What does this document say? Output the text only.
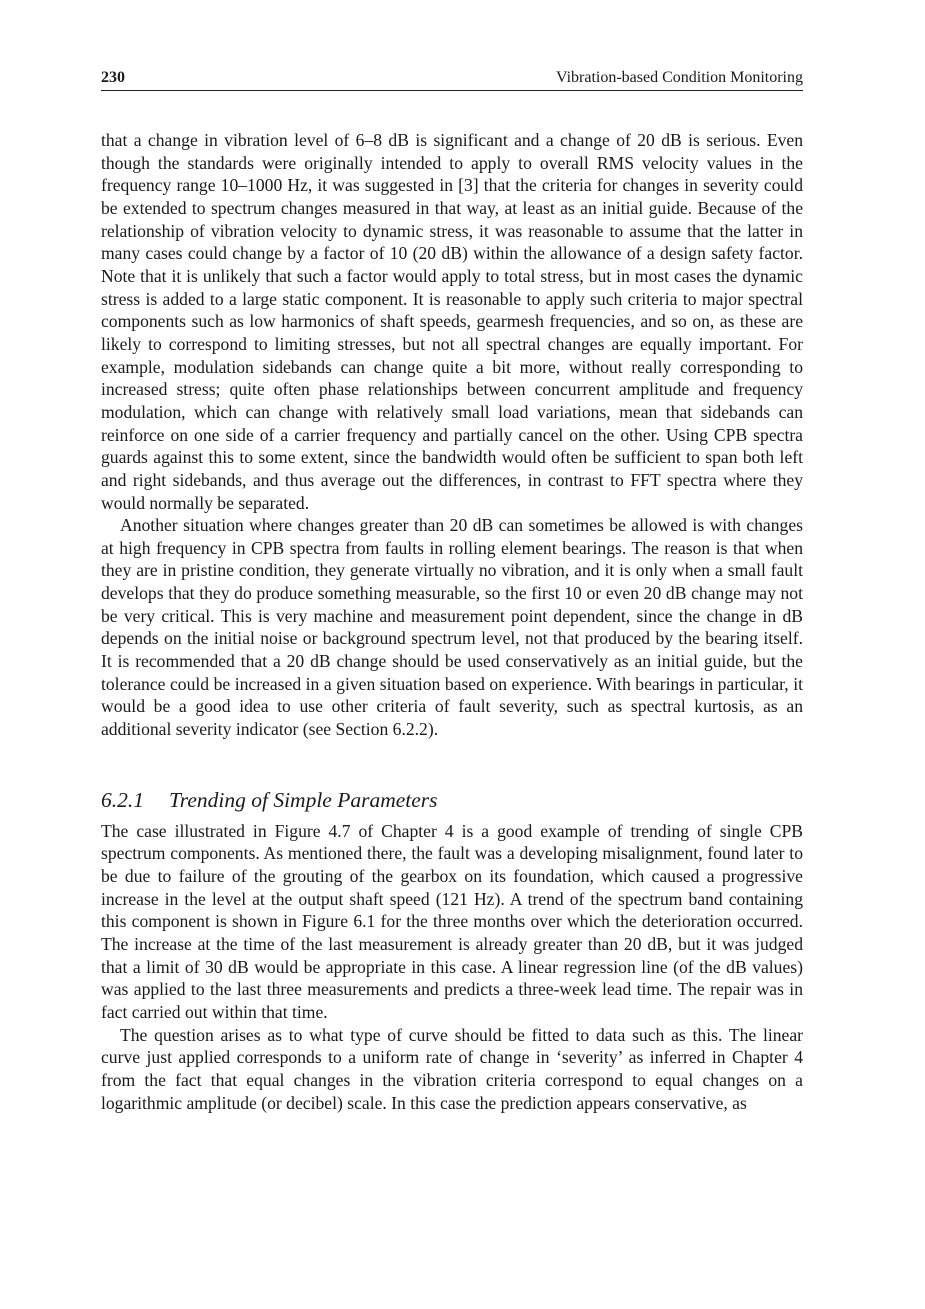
230	Vibration-based Condition Monitoring

that a change in vibration level of 6–8 dB is significant and a change of 20 dB is serious. Even though the standards were originally intended to apply to overall RMS velocity values in the frequency range 10–1000 Hz, it was suggested in [3] that the criteria for changes in severity could be extended to spectrum changes measured in that way, at least as an initial guide. Because of the relationship of vibration velocity to dynamic stress, it was reasonable to assume that the latter in many cases could change by a factor of 10 (20 dB) within the allowance of a design safety factor. Note that it is unlikely that such a factor would apply to total stress, but in most cases the dynamic stress is added to a large static component. It is reasonable to apply such criteria to major spectral components such as low harmonics of shaft speeds, gearmesh frequencies, and so on, as these are likely to correspond to limiting stresses, but not all spectral changes are equally important. For example, modulation sidebands can change quite a bit more, without really corresponding to increased stress; quite often phase relationships between concurrent amplitude and frequency modulation, which can change with relatively small load variations, mean that sidebands can reinforce on one side of a carrier frequency and partially cancel on the other. Using CPB spectra guards against this to some extent, since the bandwidth would often be sufficient to span both left and right sidebands, and thus average out the differences, in contrast to FFT spectra where they would normally be separated.

Another situation where changes greater than 20 dB can sometimes be allowed is with changes at high frequency in CPB spectra from faults in rolling element bearings. The reason is that when they are in pristine condition, they generate virtually no vibration, and it is only when a small fault develops that they do produce something measurable, so the first 10 or even 20 dB change may not be very critical. This is very machine and measurement point dependent, since the change in dB depends on the initial noise or background spectrum level, not that produced by the bearing itself. It is recommended that a 20 dB change should be used conservatively as an initial guide, but the tolerance could be increased in a given situation based on experience. With bearings in particular, it would be a good idea to use other criteria of fault severity, such as spectral kurtosis, as an additional severity indicator (see Section 6.2.2).

6.2.1 Trending of Simple Parameters

The case illustrated in Figure 4.7 of Chapter 4 is a good example of trending of single CPB spectrum components. As mentioned there, the fault was a developing misalignment, found later to be due to failure of the grouting of the gearbox on its foundation, which caused a progressive increase in the level at the output shaft speed (121 Hz). A trend of the spectrum band containing this component is shown in Figure 6.1 for the three months over which the deterioration occurred. The increase at the time of the last measurement is already greater than 20 dB, but it was judged that a limit of 30 dB would be appropriate in this case. A linear regression line (of the dB values) was applied to the last three measurements and predicts a three-week lead time. The repair was in fact carried out within that time.

The question arises as to what type of curve should be fitted to data such as this. The linear curve just applied corresponds to a uniform rate of change in ‘severity’ as inferred in Chapter 4 from the fact that equal changes in the vibration criteria correspond to equal changes on a logarithmic amplitude (or decibel) scale. In this case the prediction appears conservative, as
